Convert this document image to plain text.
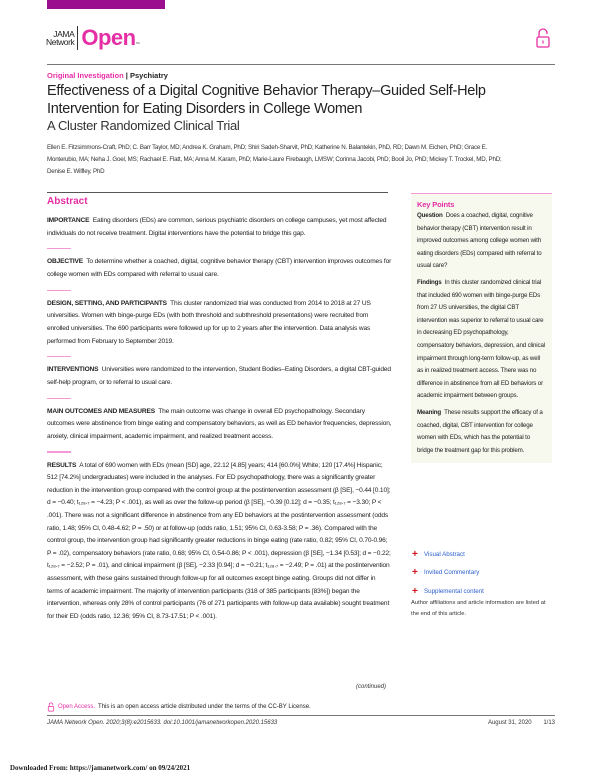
JAMA
Network Open ™
Original Investigation | Psychiatry
Effectiveness of a Digital Cognitive Behavior Therapy–Guided Self-Help Intervention for Eating Disorders in College Women
A Cluster Randomized Clinical Trial
Ellen E. Fitzsimmons-Craft, PhD; C. Barr Taylor, MD; Andrea K. Graham, PhD; Shiri Sadeh-Sharvit, PhD; Katherine N. Balantekin, PhD, RD; Dawn M. Eichen, PhD; Grace E. Monterubio, MA; Neha J. Goel, MS; Rachael E. Flatt, MA; Anna M. Karam, PhD; Marie-Laure Firebaugh, LMSW; Corinna Jacobi, PhD; Booil Jo, PhD; Mickey T. Trockel, MD, PhD; Denise E. Wilfley, PhD
Abstract

IMPORTANCE Eating disorders (EDs) are common, serious psychiatric disorders on college campuses, yet most affected individuals do not receive treatment. Digital interventions have the potential to bridge this gap.

OBJECTIVE To determine whether a coached, digital, cognitive behavior therapy (CBT) intervention improves outcomes for college women with EDs compared with referral to usual care.

DESIGN, SETTING, AND PARTICIPANTS This cluster randomized trial was conducted from 2014 to 2018 at 27 US universities. Women with binge-purge EDs (with both threshold and subthreshold presentations) were recruited from enrolled universities. The 690 participants were followed up for up to 2 years after the intervention. Data analysis was performed from February to September 2019.

INTERVENTIONS Universities were randomized to the intervention, Student Bodies–Eating Disorders, a digital CBT-guided self-help program, or to referral to usual care.

MAIN OUTCOMES AND MEASURES The main outcome was change in overall ED psychopathology. Secondary outcomes were abstinence from binge eating and compensatory behaviors, as well as ED behavior frequencies, depression, anxiety, clinical impairment, academic impairment, and realized treatment access.

RESULTS A total of 690 women with EDs (mean [SD] age, 22.12 [4.85] years; 414 [60.0%] White; 120 [17.4%] Hispanic; 512 [74.2%] undergraduates) were included in the analyses. For ED psychopathology, there was a significantly greater reduction in the intervention group compared with the control group at the postintervention assessment (β [SE], −0.44 [0.10]; d = −0.40; t₁₂₈.₇ = −4.23; P < .001), as well as over the follow-up period (β [SE], −0.39 [0.12]; d = −0.35; t₁₂₈.₇ = −3.30; P < .001). There was not a significant difference in abstinence from any ED behaviors at the postintervention assessment (odds ratio, 1.48; 95% CI, 0.48-4.62; P = .50) or at follow-up (odds ratio, 1.51; 95% CI, 0.63-3.58; P = .36). Compared with the control group, the intervention group had significantly greater reductions in binge eating (rate ratio, 0.82; 95% CI, 0.70-0.96; P = .02), compensatory behaviors (rate ratio, 0.68; 95% CI, 0.54-0.86; P < .001), depression (β [SE], −1.34 [0.53]; d = −0.22; t₁₂₈.₇ = −2.52; P = .01), and clinical impairment (β [SE], −2.33 [0.94]; d = −0.21; t₁₂₈.₇ = −2.49; P = .01) at the postintervention assessment, with these gains sustained through follow-up for all outcomes except binge eating. Groups did not differ in terms of academic impairment. The majority of intervention participants (318 of 385 participants [83%]) began the intervention, whereas only 28% of control participants (76 of 271 participants with follow-up data available) sought treatment for their ED (odds ratio, 12.36; 95% CI, 8.73-17.51; P < .001).

Key Points

Question Does a coached, digital, cognitive behavior therapy (CBT) intervention result in improved outcomes among college women with eating disorders (EDs) compared with referral to usual care?

Findings In this cluster randomized clinical trial that included 690 women with binge-purge EDs from 27 US universities, the digital CBT intervention was superior to referral to usual care in decreasing ED psychopathology, compensatory behaviors, depression, and clinical impairment through long-term follow-up, as well as in realized treatment access. There was no difference in abstinence from all ED behaviors or academic impairment between groups.

Meaning These results support the efficacy of a coached, digital, CBT intervention for college women with EDs, which has the potential to bridge the treatment gap for this problem.

+ Visual Abstract
+ Invited Commentary
+ Supplemental content
Author affiliations and article information are listed at the end of this article.
(continued)
Open Access. This is an open access article distributed under the terms of the CC-BY License.
JAMA Network Open. 2020;3(8):e2015633. doi:10.1001/jamanetworkopen.2020.15633	August 31, 2020 1/13
Downloaded From: https://jamanetwork.com/ on 09/24/2021
